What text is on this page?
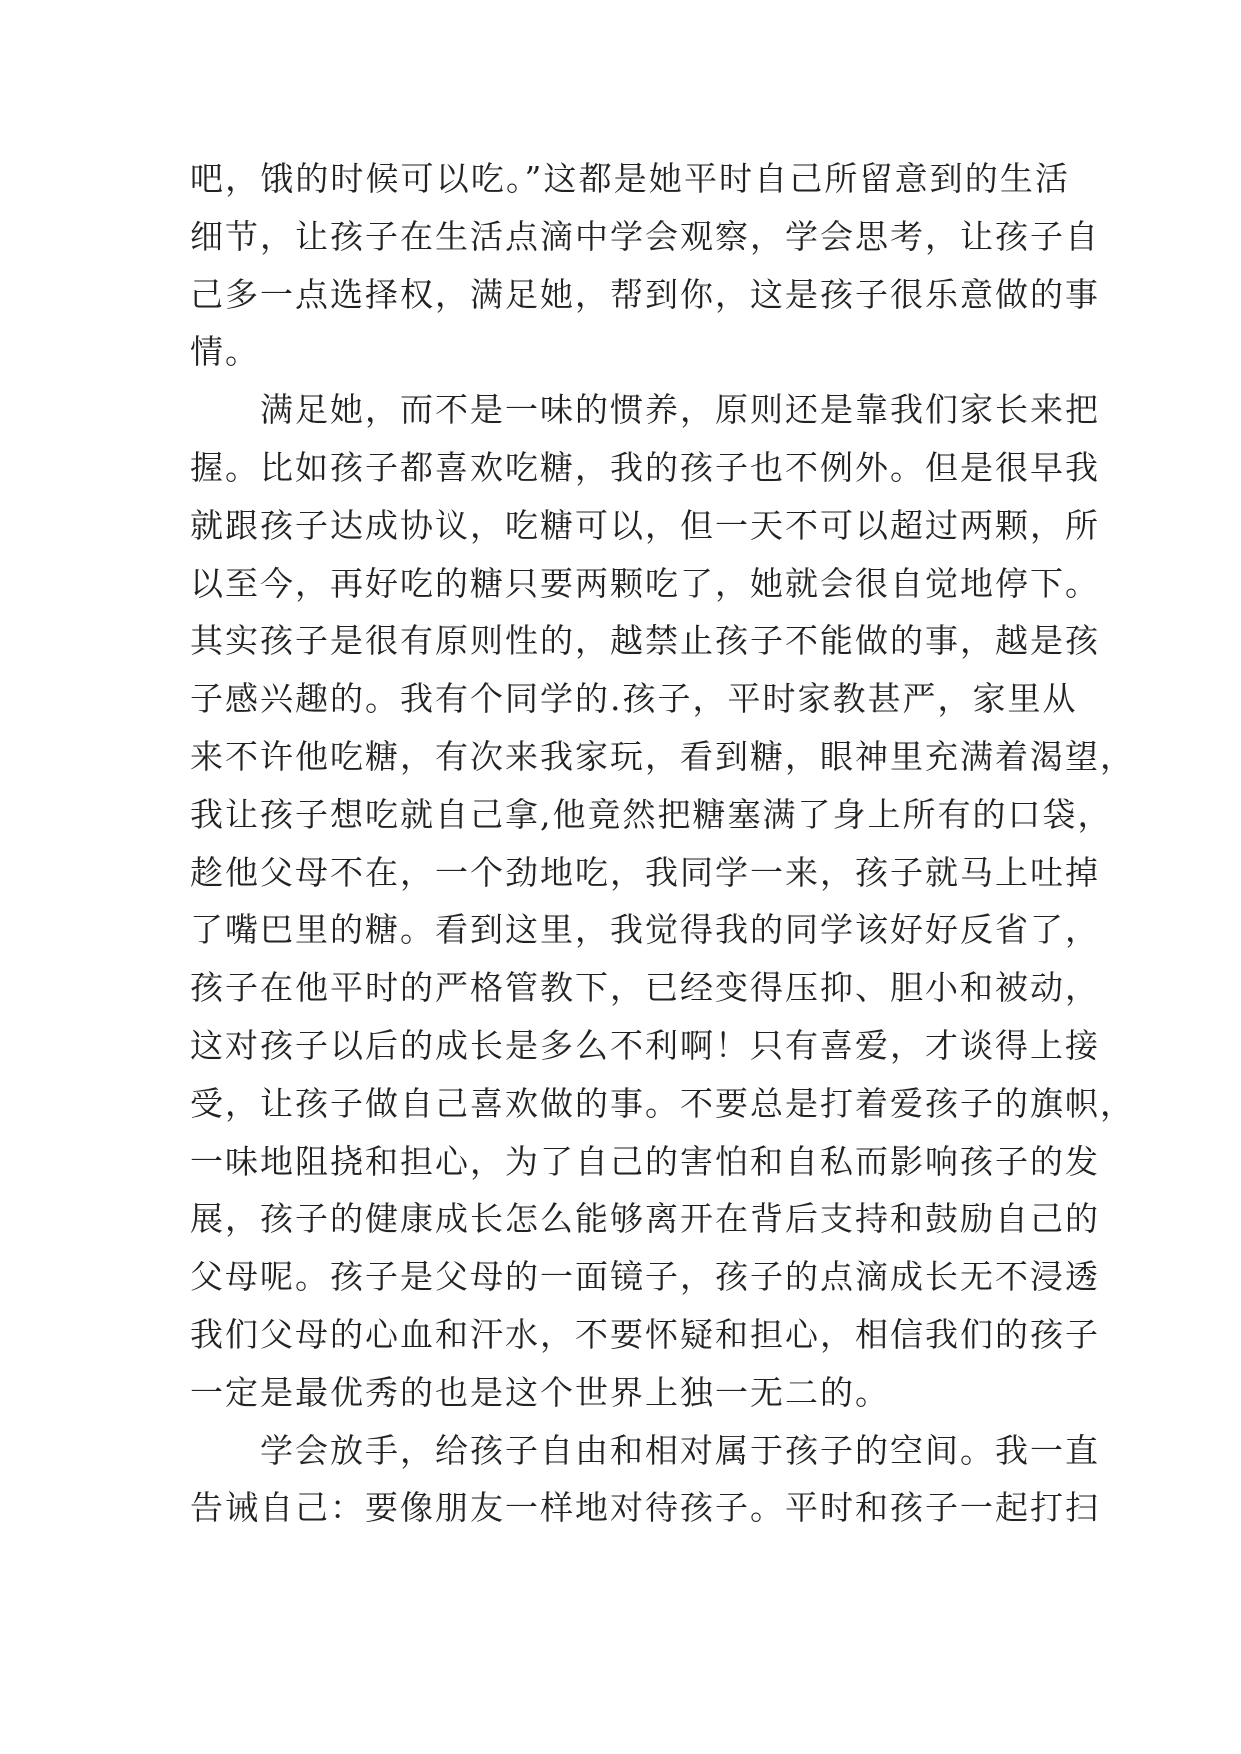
吧，饿的时候可以吃。”这都是她平时自己所留意到的生活
细节，让孩子在生活点滴中学会观察，学会思考，让孩子自
己多一点选择权，满足她，帮到你，这是孩子很乐意做的事
情。
　　满足她，而不是一味的惯养，原则还是靠我们家长来把
握。比如孩子都喜欢吃糖，我的孩子也不例外。但是很早我
就跟孩子达成协议，吃糖可以，但一天不可以超过两颗，所
以至今，再好吃的糖只要两颗吃了，她就会很自觉地停下。
其实孩子是很有原则性的，越禁止孩子不能做的事，越是孩
子感兴趣的。我有个同学的.孩子，平时家教甚严，家里从
来不许他吃糖，有次来我家玩，看到糖，眼神里充满着渴望，
我让孩子想吃就自己拿,他竟然把糖塞满了身上所有的口袋，
趁他父母不在，一个劲地吃，我同学一来，孩子就马上吐掉
了嘴巴里的糖。看到这里，我觉得我的同学该好好反省了，
孩子在他平时的严格管教下，已经变得压抑、胆小和被动，
这对孩子以后的成长是多么不利啊！只有喜爱，才谈得上接
受，让孩子做自己喜欢做的事。不要总是打着爱孩子的旗帜，
一味地阻挠和担心，为了自己的害怕和自私而影响孩子的发
展，孩子的健康成长怎么能够离开在背后支持和鼓励自己的
父母呢。孩子是父母的一面镜子，孩子的点滴成长无不浸透
我们父母的心血和汗水，不要怀疑和担心，相信我们的孩子
一定是最优秀的也是这个世界上独一无二的。
　　学会放手，给孩子自由和相对属于孩子的空间。我一直
告诫自己：要像朋友一样地对待孩子。平时和孩子一起打扫
